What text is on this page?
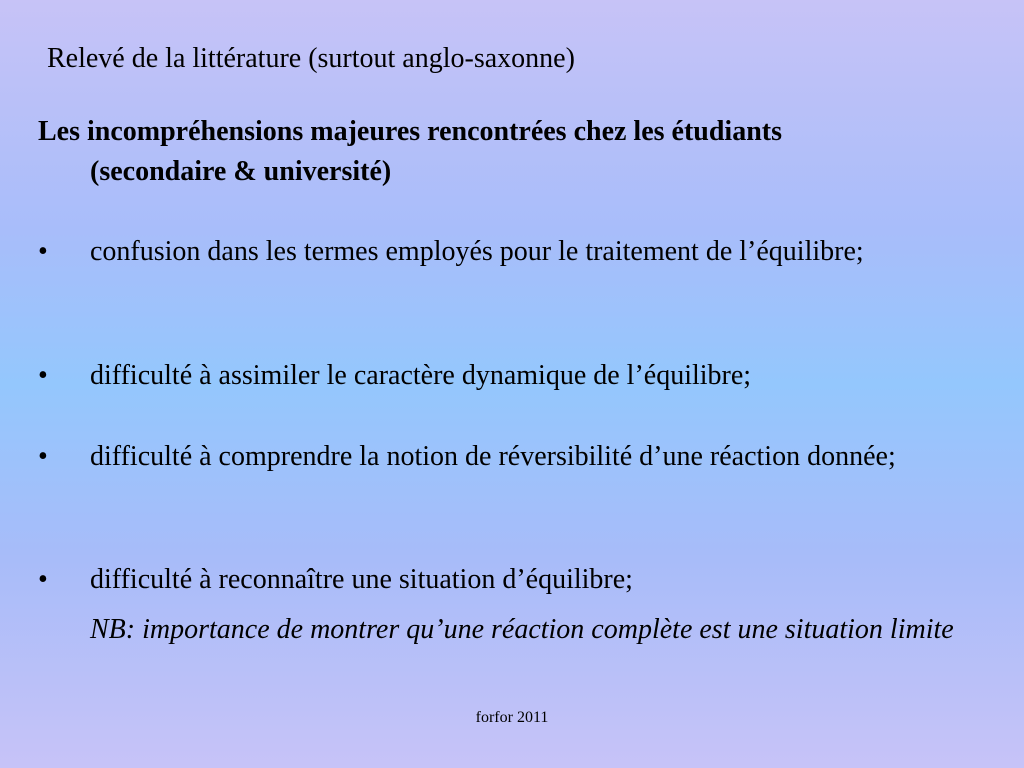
Relevé de la littérature (surtout anglo-saxonne)
Les incompréhensions majeures rencontrées chez les étudiants
(secondaire & université)
•	confusion dans les termes employés pour le traitement de l’équilibre;
•	difficulté à assimiler le caractère dynamique de l’équilibre;
•	difficulté à comprendre la notion de réversibilité d’une réaction donnée;
•	difficulté à reconnaître une situation d’équilibre;
NB: importance de montrer qu’une réaction complète est une situation limite
forfor 2011
